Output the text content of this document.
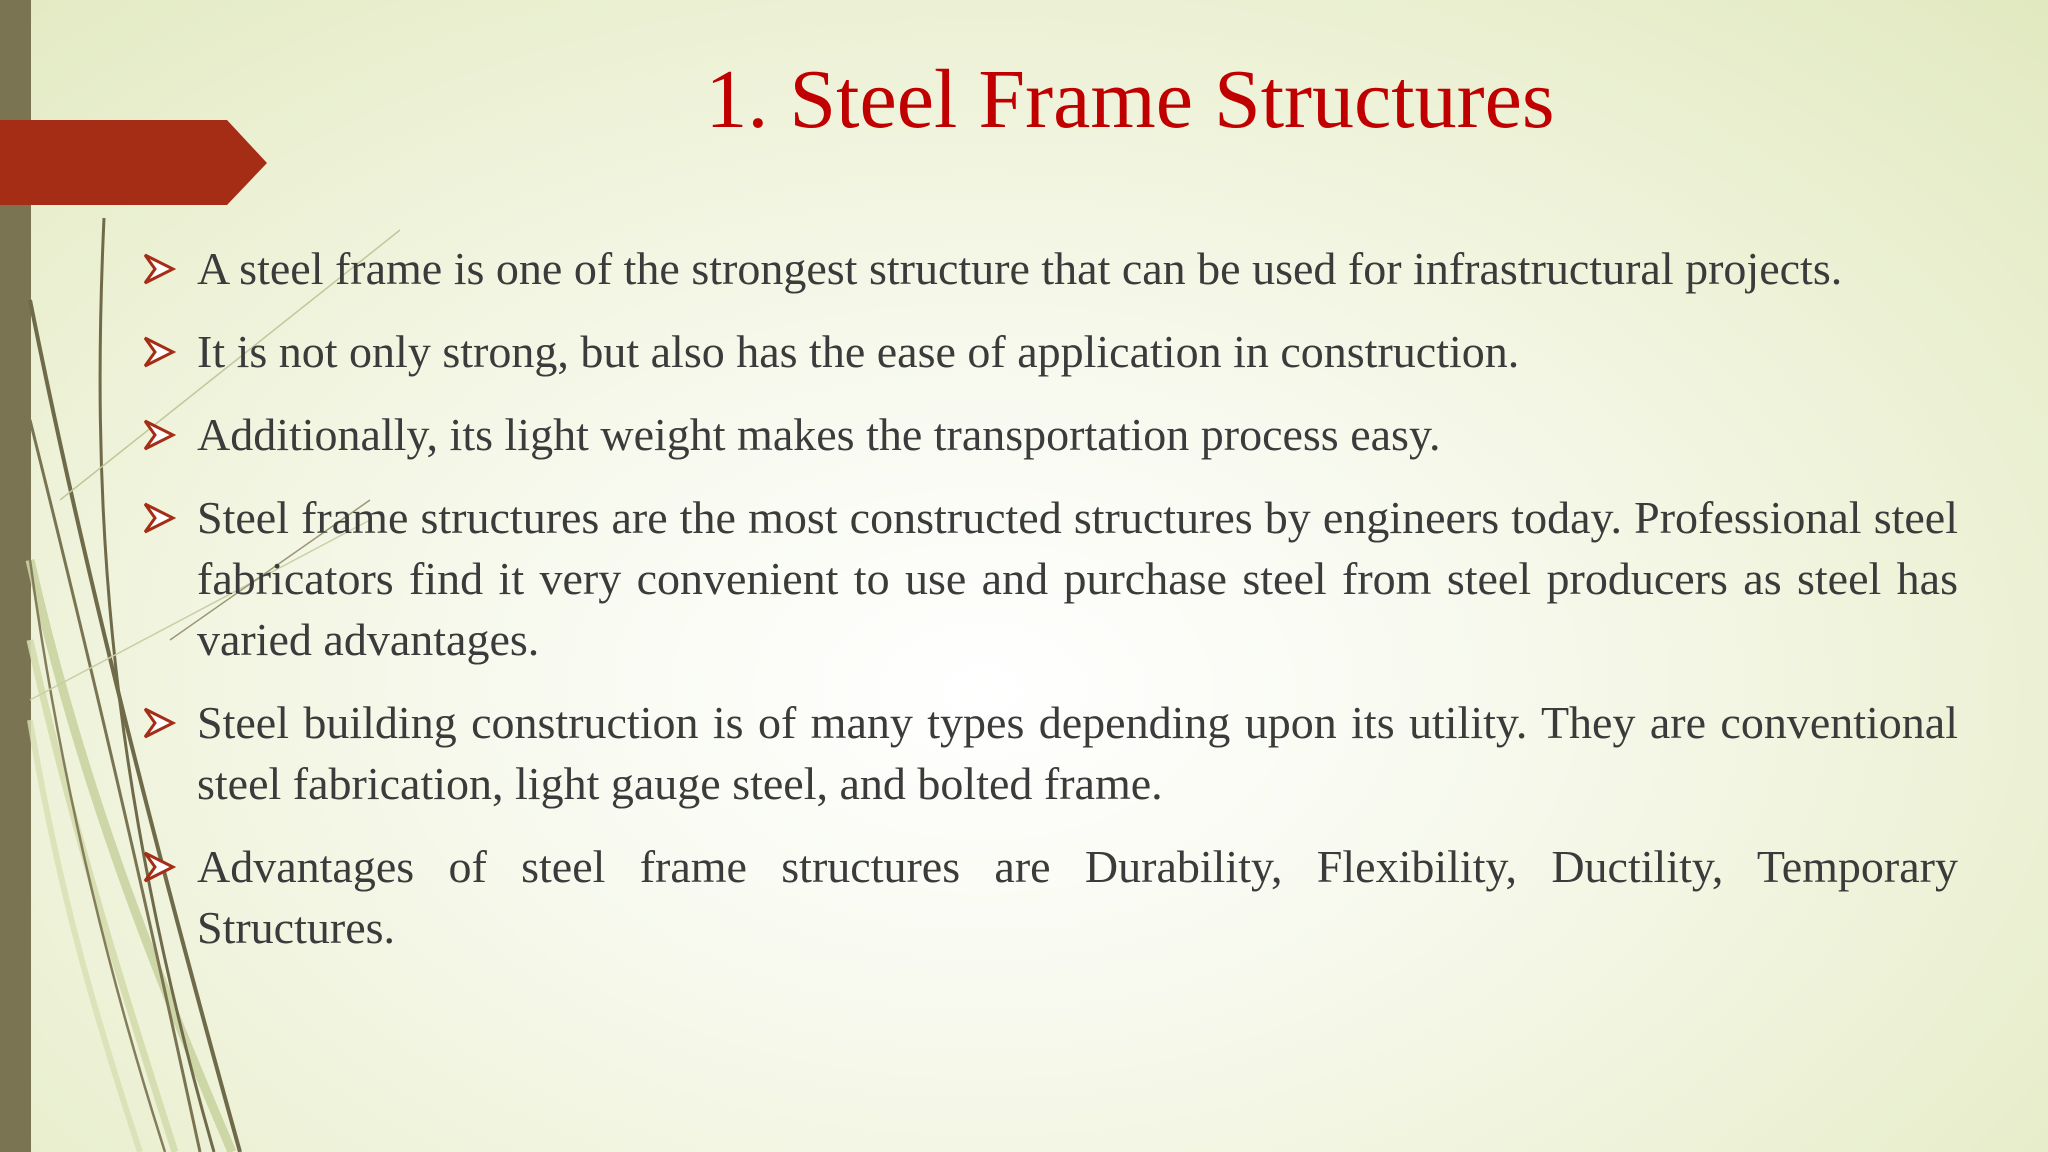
1. Steel Frame Structures
A steel frame is one of the strongest structure that can be used for infrastructural projects.
It is not only strong, but also has the ease of application in construction.
Additionally, its light weight makes the transportation process easy.
Steel frame structures are the most constructed structures by engineers today. Professional steel fabricators find it very convenient to use and purchase steel from steel producers as steel has varied advantages.
Steel building construction is of many types depending upon its utility. They are conventional steel fabrication, light gauge steel, and bolted frame.
Advantages of steel frame structures are Durability, Flexibility, Ductility, Temporary Structures.
